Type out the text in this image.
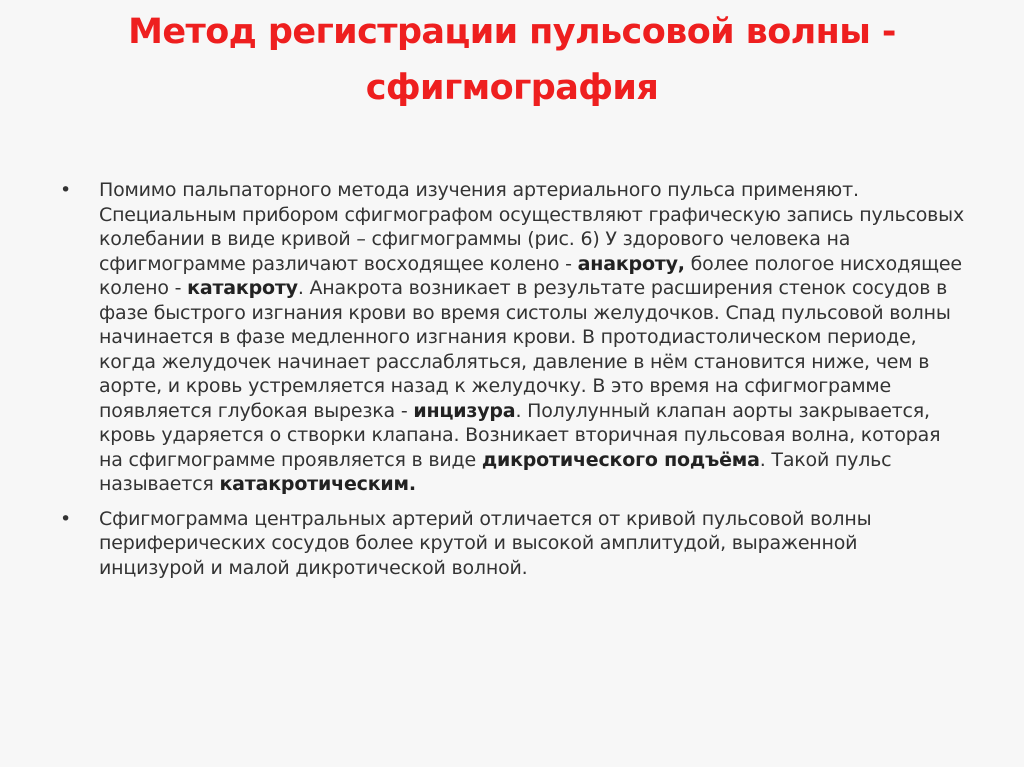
Метод регистрации пульсовой волны -
сфигмография
• Помимо пальпаторного метода изучения артериального пульса применяют. Специальным прибором сфигмографом осуществляют графическую запись пульсовых колебании в виде кривой – сфигмограммы (рис. 6) У здорового человека на сфигмограмме различают восходящее колено - анакроту, более пологое нисходящее колено - катакроту. Анакрота возникает в результате расширения стенок сосудов в фазе быстрого изгнания крови во время систолы желудочков. Спад пульсовой волны начинается в фазе медленного изгнания крови. В протодиастолическом периоде, когда желудочек начинает расслабляться, давление в нём становится ниже, чем в аорте, и кровь устремляется назад к желудочку. В это время на сфигмограмме появляется глубокая вырезка - инцизура. Полулунный клапан аорты закрывается, кровь ударяется о створки клапана. Возникает вторичная пульсовая волна, которая на сфигмограмме проявляется в виде дикротического подъёма. Такой пульс называется катакротическим.
• Сфигмограмма центральных артерий отличается от кривой пульсовой волны периферических сосудов более крутой и высокой амплитудой, выраженной инцизурой и малой дикротической волной.
